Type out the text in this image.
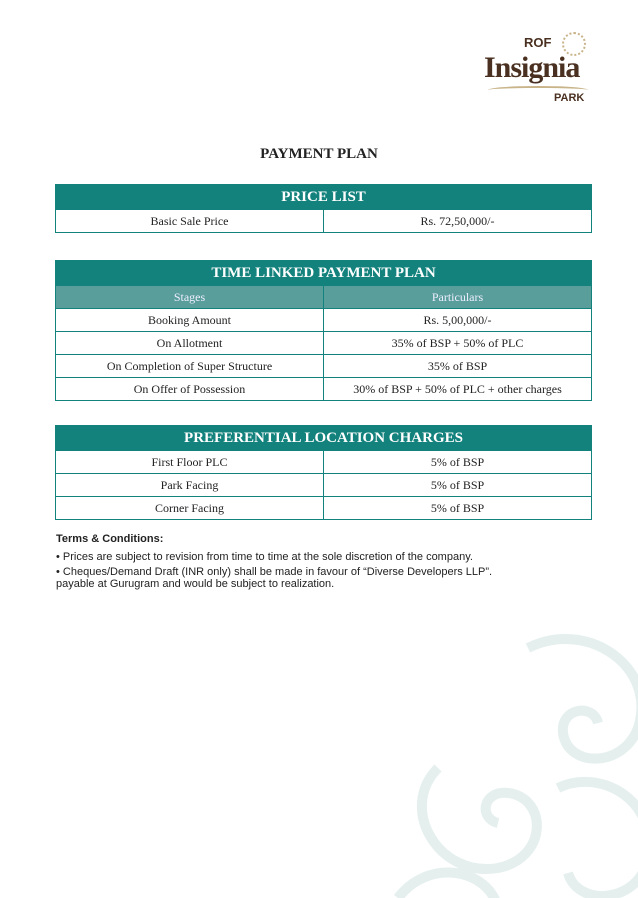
ROF
Insignia
PARK
PAYMENT PLAN
PRICE LIST
Basic Sale Price	Rs. 72,50,000/-
TIME LINKED PAYMENT PLAN	
Stages	Particulars
Booking Amount	Rs. 5,00,000/-
On Allotment	35% of BSP + 50% of PLC
On Completion of Super Structure	35% of BSP
On Offer of Possession	30% of BSP + 50% of PLC + other charges
PREFERENTIAL LOCATION CHARGES	
First Floor PLC	5% of BSP
Park Facing	5% of BSP
Corner Facing	5% of BSP
Terms & Conditions:
• Prices are subject to revision from time to time at the sole discretion of the company.
• Cheques/Demand Draft (INR only) shall be made in favour of “Diverse Developers LLP”. payable at Gurugram and would be subject to realization.
